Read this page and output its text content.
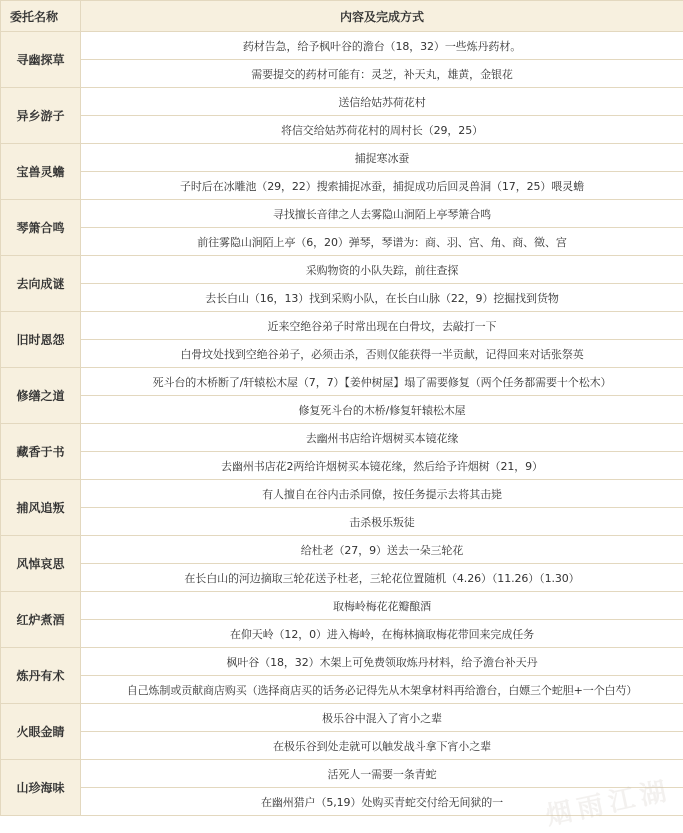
委托名称	内容及完成方式
寻幽探草	药材告急，给予枫叶谷的澹台（18，32）一些炼丹药材。
	需要提交的药材可能有：灵芝，补天丸，雄黄，金银花
异乡游子	送信给姑苏荷花村
	将信交给姑苏荷花村的周村长（29，25）
宝兽灵蟾	捕捉寒冰蚕
	子时后在冰雕池（29，22）搜索捕捉冰蚕，捕捉成功后回灵兽洞（17，25）喂灵蟾
琴箫合鸣	寻找擅长音律之人去雾隐山涧陌上亭琴箫合鸣
	前往雾隐山涧陌上亭（6，20）弹琴，琴谱为：商、羽、宫、角、商、徵、宫
去向成谜	采购物资的小队失踪，前往查探
	去长白山（16，13）找到采购小队，在长白山脉（22，9）挖掘找到货物
旧时恩怨	近来空绝谷弟子时常出现在白骨坟，去敲打一下
	白骨坟处找到空绝谷弟子，必须击杀，否则仅能获得一半贡献，记得回来对话张祭英
修缮之道	死斗台的木桥断了/轩辕松木屋（7，7）【姜仲树屋】塌了需要修复（两个任务都需要十个松木）
	修复死斗台的木桥/修复轩辕松木屋
藏香于书	去幽州书店给许烟树买本镜花缘
	去幽州书店花2两给许烟树买本镜花缘，然后给予许烟树（21，9）
捕风追叛	有人擅自在谷内击杀同僚，按任务提示去将其击毙
	击杀极乐叛徒
风悼哀思	给杜老（27，9）送去一朵三轮花
	在长白山的河边摘取三轮花送予杜老，三轮花位置随机（4.26）（11.26）（1.30）
红炉煮酒	取梅岭梅花花瓣酿酒
	在仰天岭（12，0）进入梅岭，在梅林摘取梅花带回来完成任务
炼丹有术	枫叶谷（18，32）木架上可免费领取炼丹材料，给予澹台补天丹
	自己炼制或贡献商店购买（选择商店买的话务必记得先从木架拿材料再给澹台，白嫖三个蛇胆+一个白芍）
火眼金睛	极乐谷中混入了宵小之辈
	在极乐谷到处走就可以触发战斗拿下宵小之辈
山珍海味	活死人一需要一条青蛇
	在幽州猎户（5,19）处购买青蛇交付给无间狱的一 烟雨江湖
